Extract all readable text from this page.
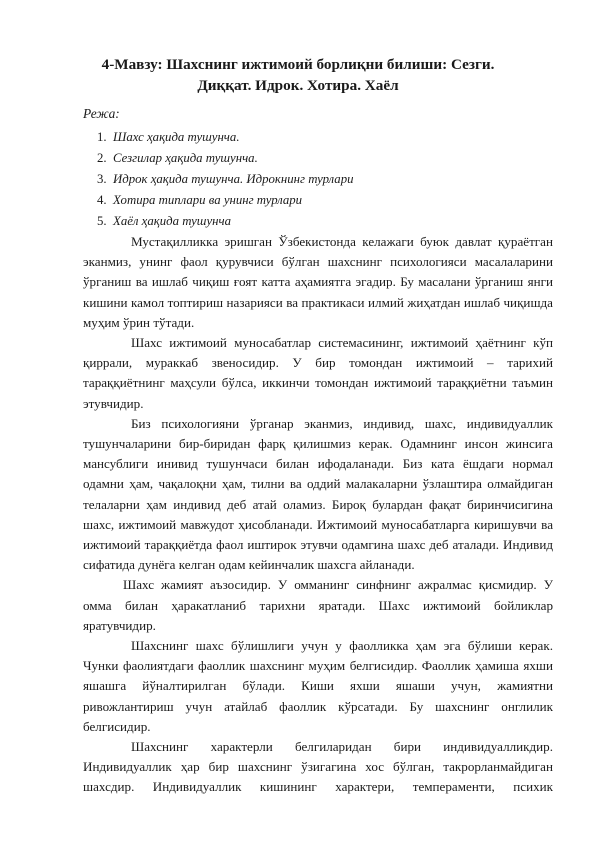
4-Мавзу: Шахснинг ижтимоий борлиқни билиши: Сезги.
Диққат. Идрок. Хотира. Хаёл
Режа:
1. Шахс ҳақида тушунча.
2. Сезгилар ҳақида тушунча.
3. Идрок ҳақида тушунча. Идрокнинг турлари
4. Хотира типлари ва унинг турлари
5. Хаёл ҳақида тушунча

Мустақилликка эришган Ўзбекистонда келажаги буюк давлат қураётган эканмиз, унинг фаол қурувчиси бўлган шахснинг психологияси масалаларини ўрганиш ва ишлаб чиқиш ғоят катта аҳамиятга эгадир. Бу масалани ўрганиш янги кишини камол топтириш назарияси ва практикаси илмий жиҳатдан ишлаб чиқишда муҳим ўрин тўтади.

Шахс ижтимоий муносабатлар системасининг, ижтимоий ҳаётнинг кўп қиррали, мураккаб звеносидир. У бир томондан ижтимоий – тарихий тараққиётнинг маҳсули бўлса, иккинчи томондан ижтимоий тараққиётни таъмин этувчидир.

Биз психологияни ўрганар эканмиз, индивид, шахс, индивидуаллик тушунчаларини бир-биридан фарқ қилишмиз керак. Одамнинг инсон жинсига мансублиги инивид тушунчаси билан ифодаланади. Биз ката ёшдаги нормал одамни ҳам, чақалоқни ҳам, тилни ва оддий малакаларни ўзлаштира олмайдиган телаларни ҳам индивид деб атай оламиз. Бироқ булардан фақат биринчисигина шахс, ижтимоий мавжудот ҳисобланади. Ижтимоий муносабатларга киришувчи ва ижтимоий тараққиётда фаол иштирок этувчи одамгина шахс деб аталади. Индивид сифатида дунёга келган одам кейинчалик шахсга айланади.

Шахс жамият аъзосидир. У омманинг синфнинг ажралмас қисмидир. У омма билан ҳаракатланиб тарихни яратади. Шахс ижтимоий бойликлар яратувчидир.

Шахснинг шахс бўлишлиги учун у фаолликка ҳам эга бўлиши керак. Чунки фаолиятдаги фаоллик шахснинг муҳим белгисидир. Фаоллик ҳамиша яхши яшашга йўналтирилган бўлади. Киши яхши яшаши учун, жамиятни ривожлантириш учун атайлаб фаоллик кўрсатади. Бу шахснинг онглилик белгисидир.

Шахснинг характерли белгиларидан бири индивидуалликдир. Индивидуаллик ҳар бир шахснинг ўзигагина хос бўлган, такрорланмайдиган шахсдир. Индивидуаллик кишининг характери, темпераменти, психик
